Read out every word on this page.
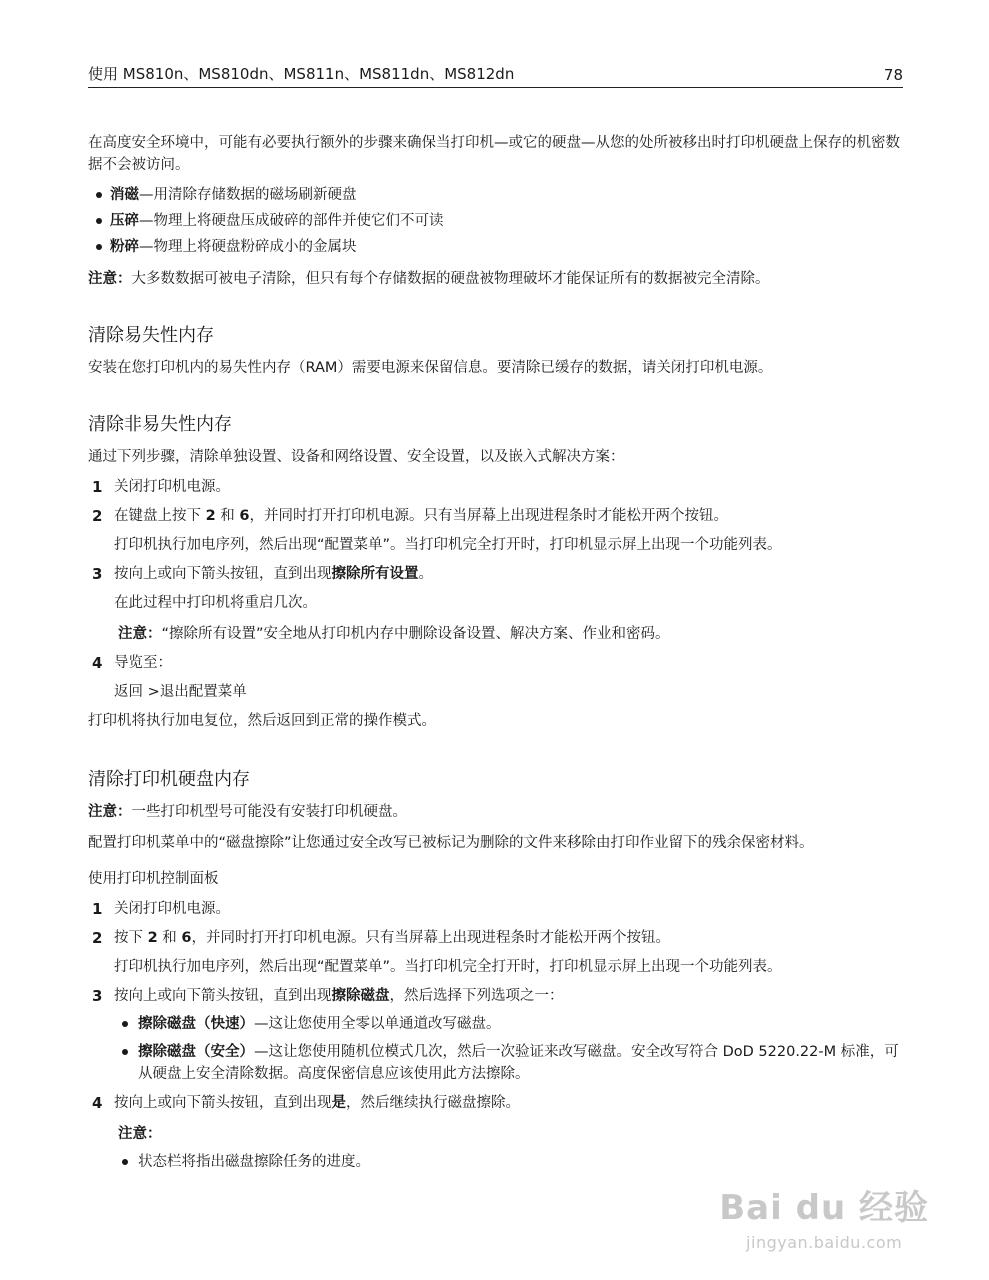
使用 MS810n、MS810dn、MS811n、MS811dn、MS812dn	78

在高度安全环境中，可能有必要执行额外的步骤来确保当打印机—或它的硬盘—从您的处所被移出时打印机硬盘上保存的机密数据不会被访问。

消磁—用清除存储数据的磁场刷新硬盘
压碎—物理上将硬盘压成破碎的部件并使它们不可读
粉碎—物理上将硬盘粉碎成小的金属块

注意：大多数数据可被电子清除，但只有每个存储数据的硬盘被物理破坏才能保证所有的数据被完全清除。

清除易失性内存

安装在您打印机内的易失性内存（RAM）需要电源来保留信息。要清除已缓存的数据，请关闭打印机电源。

清除非易失性内存

通过下列步骤，清除单独设置、设备和网络设置、安全设置，以及嵌入式解决方案：

1 关闭打印机电源。
2 在键盘上按下 2 和 6，并同时打开打印机电源。只有当屏幕上出现进程条时才能松开两个按钮。

打印机执行加电序列，然后出现“配置菜单”。当打印机完全打开时，打印机显示屏上出现一个功能列表。

3 按向上或向下箭头按钮，直到出现擦除所有设置。

在此过程中打印机将重启几次。

注意：“擦除所有设置”安全地从打印机内存中删除设备设置、解决方案、作业和密码。

4 导览至：

返回 >退出配置菜单

打印机将执行加电复位，然后返回到正常的操作模式。

清除打印机硬盘内存

注意：一些打印机型号可能没有安装打印机硬盘。

配置打印机菜单中的“磁盘擦除”让您通过安全改写已被标记为删除的文件来移除由打印作业留下的残余保密材料。

使用打印机控制面板
1 关闭打印机电源。
2 按下 2 和 6，并同时打开打印机电源。只有当屏幕上出现进程条时才能松开两个按钮。

打印机执行加电序列，然后出现“配置菜单”。当打印机完全打开时，打印机显示屏上出现一个功能列表。

3 按向上或向下箭头按钮，直到出现擦除磁盘，然后选择下列选项之一：
擦除磁盘（快速）—这让您使用全零以单通道改写磁盘。
擦除磁盘（安全）—这让您使用随机位模式几次，然后一次验证来改写磁盘。安全改写符合 DoD 5220.22-M 标准，可从硬盘上安全清除数据。高度保密信息应该使用此方法擦除。
4 按向上或向下箭头按钮，直到出现是，然后继续执行磁盘擦除。

注意：

状态栏将指出磁盘擦除任务的进度。
Bai du 经验
jingyan.baidu.com
